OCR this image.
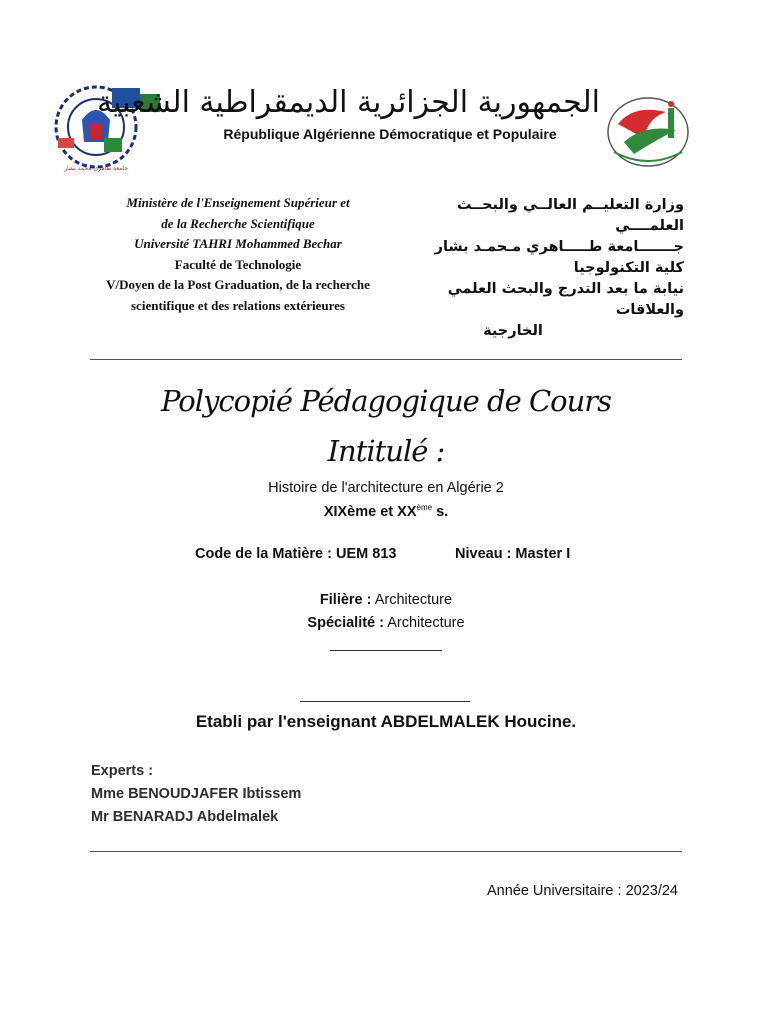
جامعة طاهري محمد بشار
الجمهورية الجزائرية الديمقراطية الشعبية
République Algérienne Démocratique et Populaire
Ministère de l'Enseignement Supérieur et
de la Recherche Scientifique
Université TAHRI Mohammed Bechar
Faculté de Technologie
V/Doyen de la Post Graduation, de la recherche
scientifique et des relations extérieures
وزارة التعليــم العالــي والبحــث العلمــــي
جـــــــامعة طـــــاهري مـحمـد بشار
كلية التكنولوجيا
نيابة ما بعد التدرج والبحث العلمي والعلاقات
الخارجية
Polycopié Pédagogique de Cours
Intitulé :
Histoire de l'architecture en Algérie 2
XIXème et XXème s.
Code de la Matière : UEM 813	Niveau : Master I
Filière : Architecture
Spécialité : Architecture
Etabli par l'enseignant ABDELMALEK Houcine.
Experts :
Mme BENOUDJAFER Ibtissem
Mr BENARADJ Abdelmalek
Année Universitaire : 2023/24
